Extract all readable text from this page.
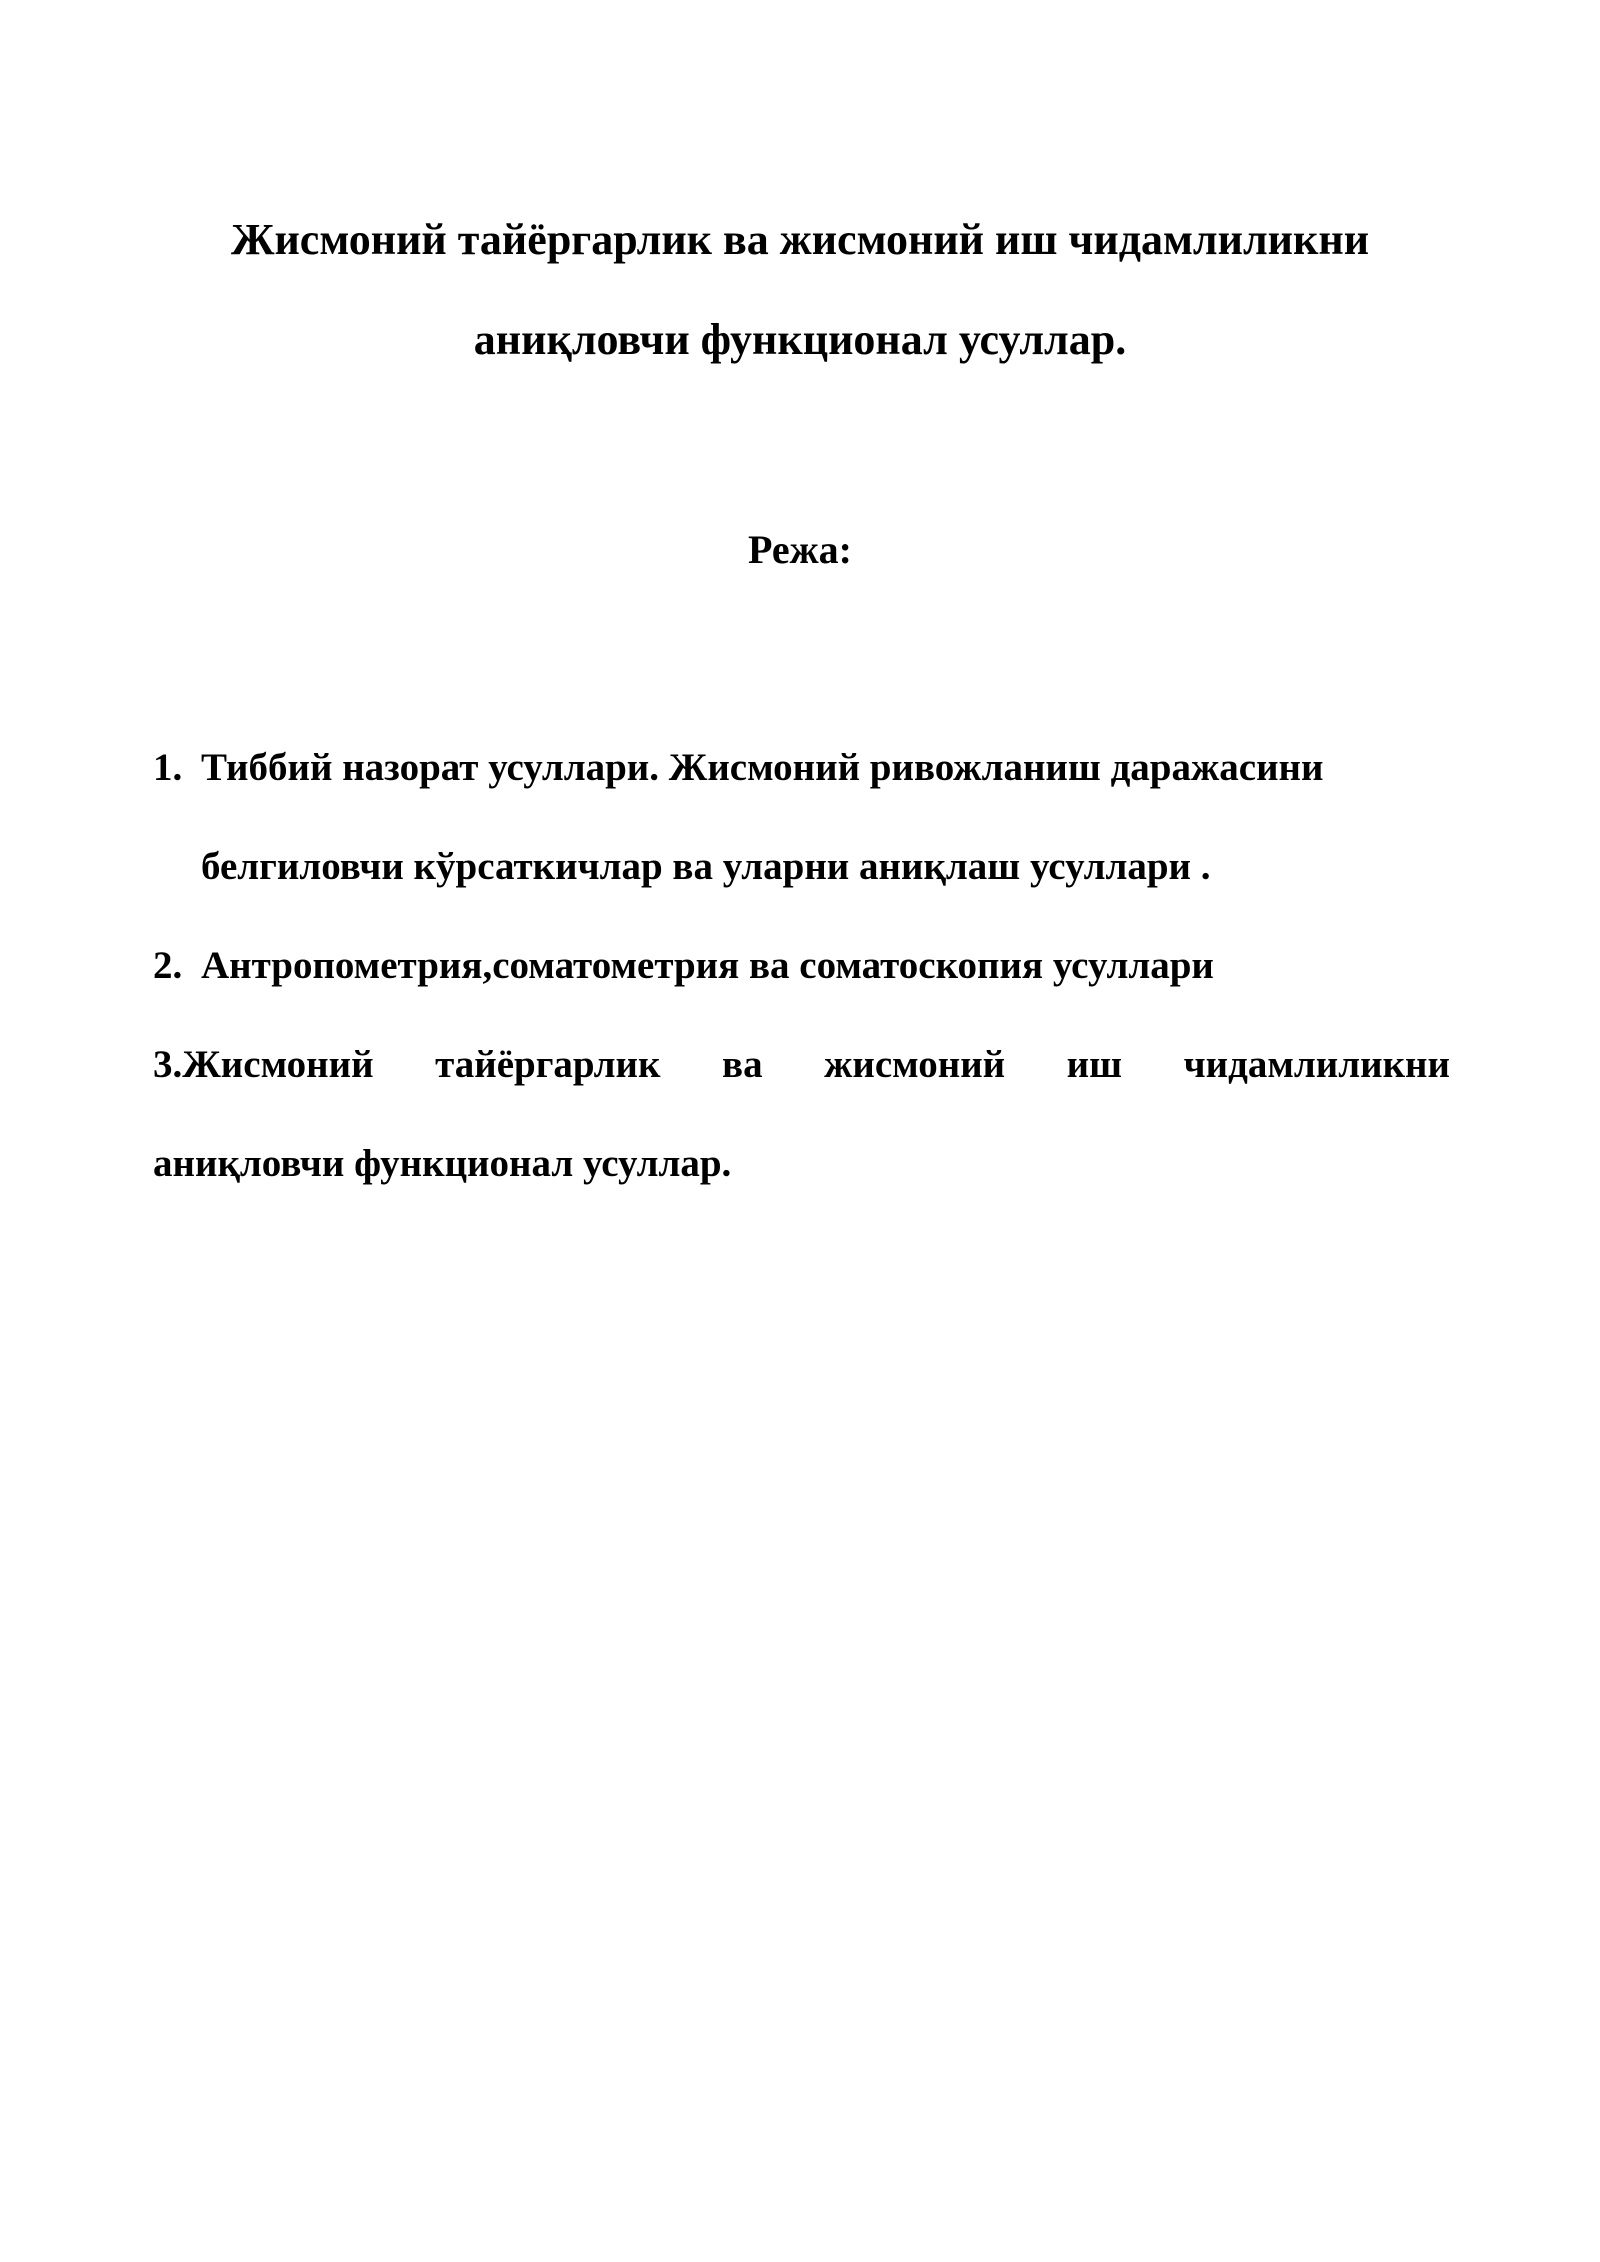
Жисмоний тайёргарлик ва жисмоний иш чидамлиликни
аниқловчи функционал усуллар.
Режа:
1. Тиббий назорат усуллари. Жисмоний ривожланиш даражасини белгиловчи кўрсаткичлар ва уларни аниқлаш усуллари .
2. Антропометрия,соматометрия ва соматоскопия усуллари
3.Жисмоний тайёргарлик ва жисмоний иш чидамлиликни
аниқловчи функционал усуллар.
